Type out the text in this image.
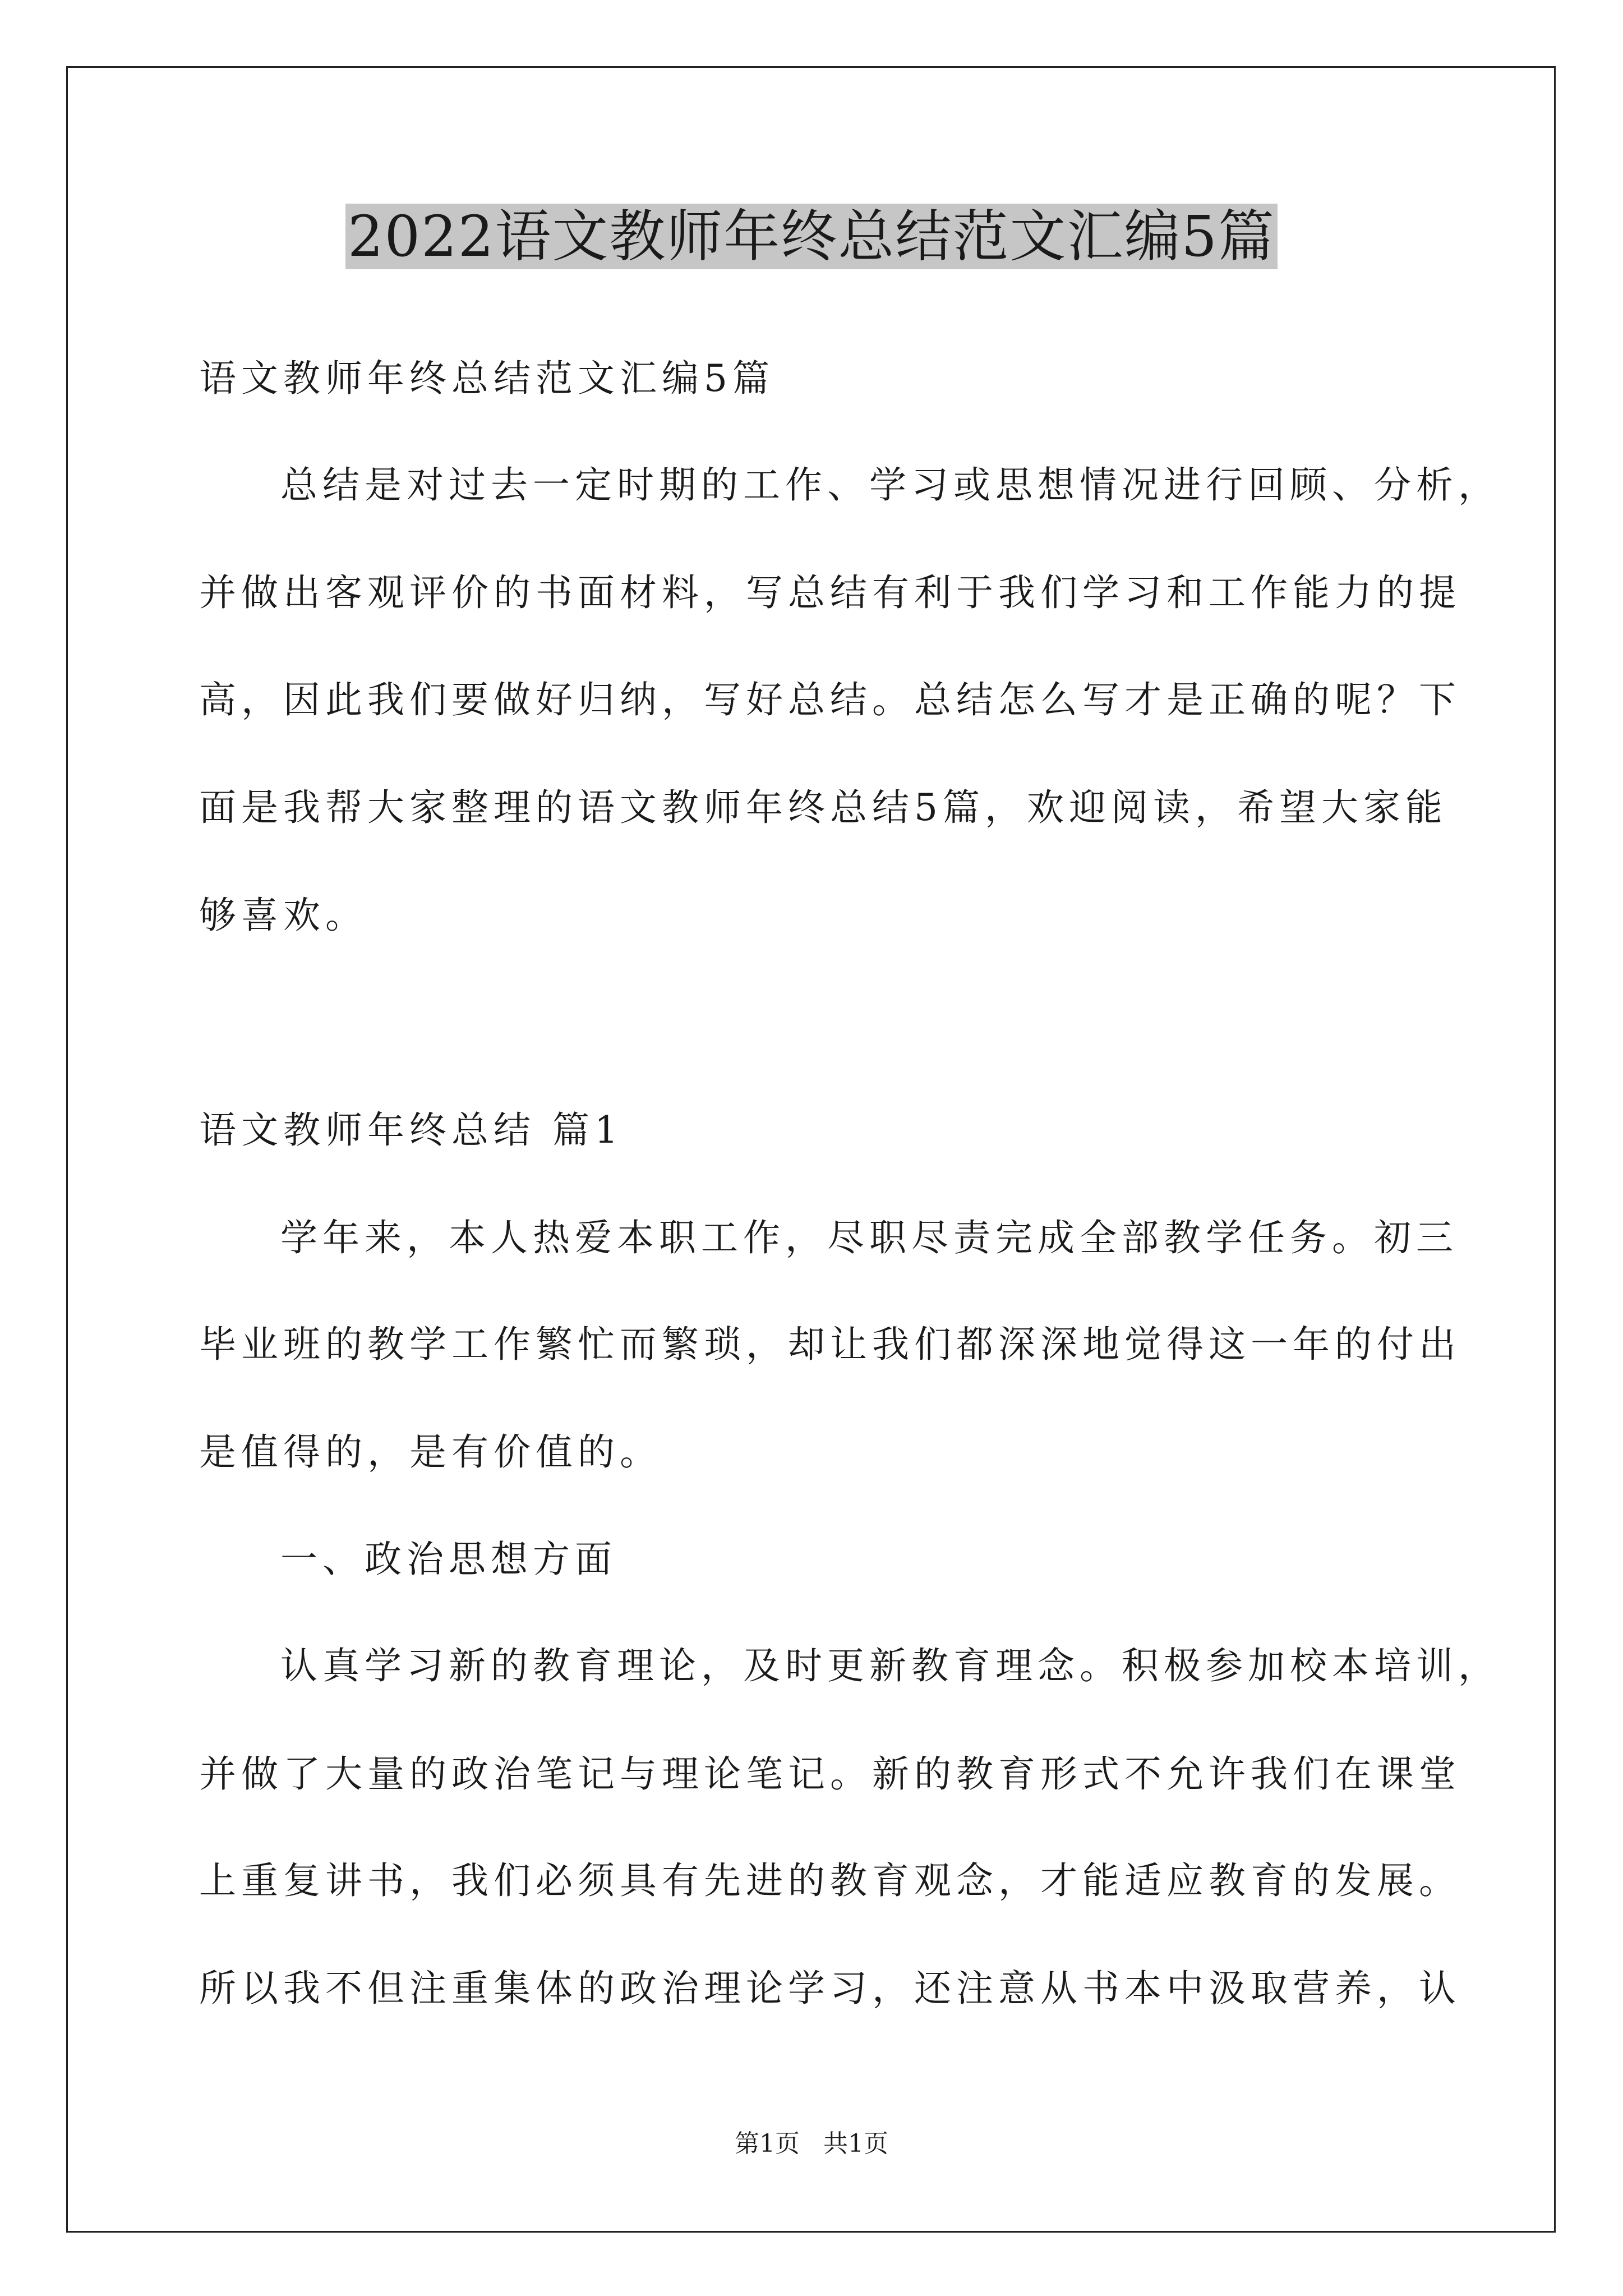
2022语文教师年终总结范文汇编5篇
语文教师年终总结范文汇编5篇
总结是对过去一定时期的工作、学习或思想情况进行回顾、分析，
并做出客观评价的书面材料，写总结有利于我们学习和工作能力的提
高，因此我们要做好归纳，写好总结。总结怎么写才是正确的呢？下
面是我帮大家整理的语文教师年终总结5篇，欢迎阅读，希望大家能
够喜欢。
语文教师年终总结 篇1
学年来，本人热爱本职工作，尽职尽责完成全部教学任务。初三
毕业班的教学工作繁忙而繁琐，却让我们都深深地觉得这一年的付出
是值得的，是有价值的。
一、政治思想方面
认真学习新的教育理论，及时更新教育理念。积极参加校本培训，
并做了大量的政治笔记与理论笔记。新的教育形式不允许我们在课堂
上重复讲书，我们必须具有先进的教育观念，才能适应教育的发展。
所以我不但注重集体的政治理论学习，还注意从书本中汲取营养，认
第1页   共1页
